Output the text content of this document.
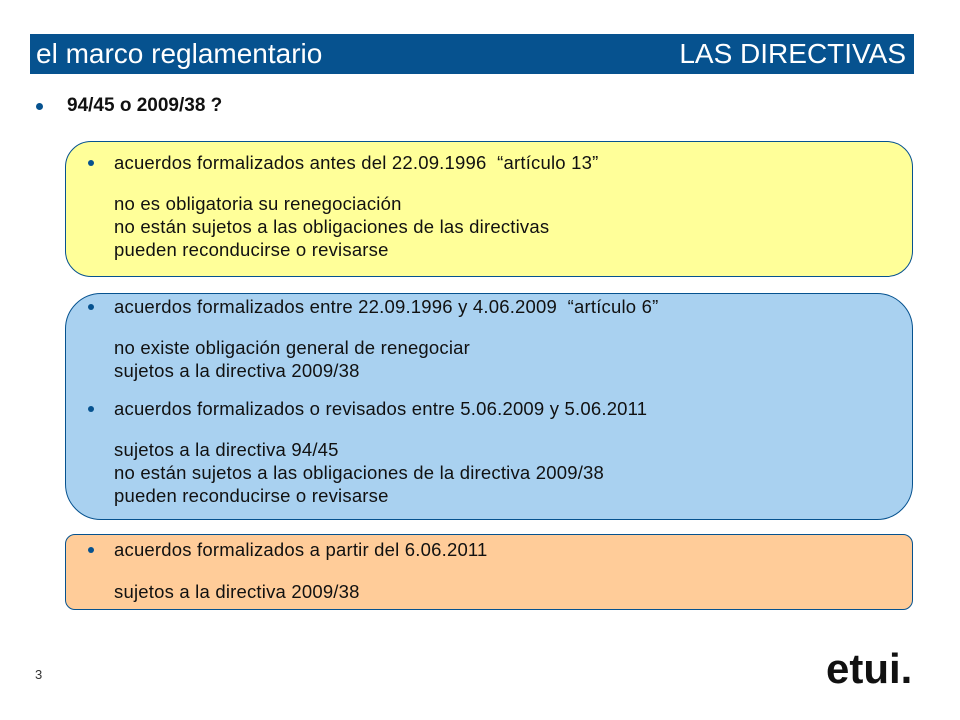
el marco reglamentario	LAS DIRECTIVAS
94/45 o 2009/38 ?
acuerdos formalizados antes del 22.09.1996  “artículo 13”
no es obligatoria su renegociación
no están sujetos a las obligaciones de las directivas
pueden reconducirse o revisarse
acuerdos formalizados entre 22.09.1996 y 4.06.2009  “artículo 6”
no existe obligación general de renegociar
sujetos a la directiva 2009/38
acuerdos formalizados o revisados entre 5.06.2009 y 5.06.2011
sujetos a la directiva 94/45
no están sujetos a las obligaciones de la directiva 2009/38
pueden reconducirse o revisarse
acuerdos formalizados a partir del 6.06.2011
sujetos a la directiva 2009/38
3	etui.
